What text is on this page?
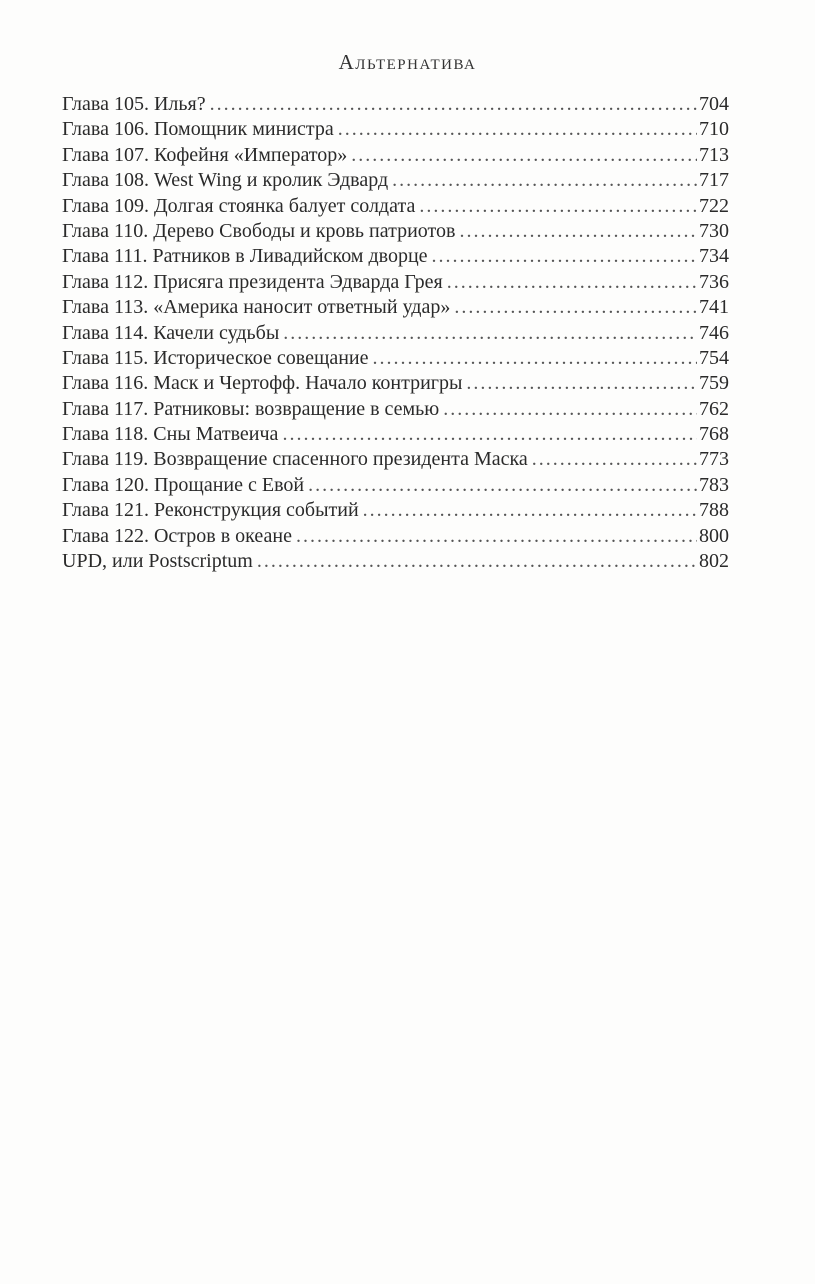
Альтернатива
Глава 105. Илья? .....	704
Глава 106. Помощник министра .....	710
Глава 107. Кофейня «Император» .....	713
Глава 108. West Wing и кролик Эдвард .....	717
Глава 109. Долгая стоянка балует солдата .....	722
Глава 110. Дерево Свободы и кровь патриотов .....	730
Глава 111. Ратников в Ливадийском дворце .....	734
Глава 112. Присяга президента Эдварда Грея .....	736
Глава 113. «Америка наносит ответный удар» .....	741
Глава 114. Качели судьбы .....	746
Глава 115. Историческое совещание .....	754
Глава 116. Маск и Чертофф. Начало контригры .....	759
Глава 117. Ратниковы: возвращение в семью .....	762
Глава 118. Сны Матвеича .....	768
Глава 119. Возвращение спасенного президента Маска .....	773
Глава 120. Прощание с Евой .....	783
Глава 121. Реконструкция событий .....	788
Глава 122. Остров в океане .....	800
UPD, или Postscriptum .....	802
